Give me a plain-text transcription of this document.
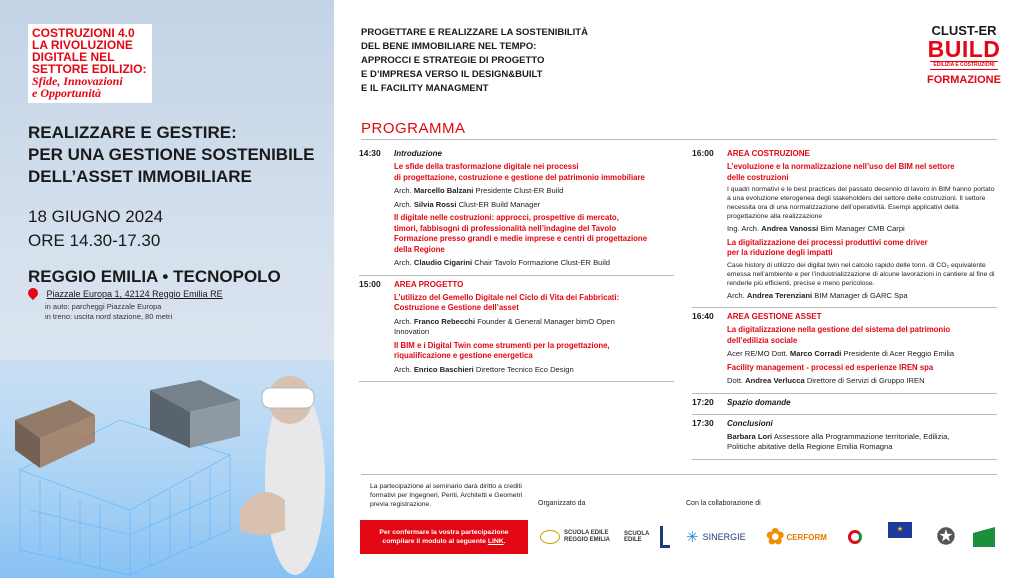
COSTRUZIONI 4.0
LA RIVOLUZIONE
DIGITALE NEL
SETTORE EDILIZIO:
Sfide, Innovazioni
e Opportunità
REALIZZARE E GESTIRE:
PER UNA GESTIONE SOSTENIBILE
DELL’ASSET IMMOBILIARE
18 GIUGNO 2024
ORE 14.30-17.30
REGGIO EMILIA • TECNOPOLO
Piazzale Europa 1, 42124 Reggio Emilia RE
in auto: parcheggi Piazzale Europa
in treno: uscita nord stazione, 80 metri
PROGETTARE E REALIZZARE LA SOSTENIBILITÀ
DEL BENE IMMOBILIARE NEL TEMPO:
APPROCCI E STRATEGIE DI PROGETTO
E D’IMPRESA VERSO IL DESIGN&BUILT
E IL FACILITY MANAGMENT
CLUST-ER
BUILD
EDILIZIA E COSTRUZIONI
FORMAZIONE
PROGRAMMA
14:30 Introduzione
Le sfide della trasformazione digitale nei processi
di progettazione, costruzione e gestione del patrimonio immobiliare
Arch. Marcello Balzani Presidente Clust-ER Build
Arch. Silvia Rossi Clust-ER Build Manager
Il digitale nelle costruzioni: approcci, prospettive di mercato,
timori, fabbisogni di professionalità nell’indagine del Tavolo
Formazione presso grandi e medie imprese e centri di progettazione
della Regione
Arch. Claudio Cigarini Chair Tavolo Formazione Clust-ER Build
15:00 AREA PROGETTO
L’utilizzo del Gemello Digitale nel Ciclo di Vita dei Fabbricati:
Costruzione e Gestione dell’asset
Arch. Franco Rebecchi Founder & General Manager bimO Open
Innovation
Il BIM e i Digital Twin come strumenti per la progettazione,
riqualificazione e gestione energetica
Arch. Enrico Baschieri Direttore Tecnico Eco Design
16:00 AREA COSTRUZIONE
L’evoluzione e la normalizzazione nell’uso del BIM nel settore
delle costruzioni
I quadri normativi e le best practices del passato decennio di lavoro in BIM hanno portato a una evoluzione eterogenea degli stakeholders del settore delle costruzioni. Il settore necessita ora di una normalizzazione dell’operatività. Esempi applicativi della progettazione alla realizzazione
Ing. Arch. Andrea Vanossi Bim Manager CMB Carpi
La digitalizzazione dei processi produttivi come driver
per la riduzione degli impatti
Case history di utilizzo dei digital twin nel calcolo rapido delle tonn. di CO₂ equivalente emessa nell’ambiente e per l’industrializzazione di alcune lavorazioni in cantiere al fine di renderle più efficienti, precise e meno pericolose.
Arch. Andrea Terenziani BIM Manager di GARC Spa
16:40 AREA GESTIONE ASSET
La digitalizzazione nella gestione del sistema del patrimonio
dell’edilizia sociale
Acer RE/MO Dott. Marco Corradi Presidente di Acer Reggio Emilia
Facility management - processi ed esperienze IREN spa
Dott. Andrea Verlucca Direttore di Servizi di Gruppo IREN
17:20 Spazio domande
17:30 Conclusioni
Barbara Lori Assessore alla Programmazione territoriale, Edilizia,
Politiche abitative della Regione Emilia Romagna
La partecipazione al seminario darà diritto a crediti formativi per Ingegneri, Periti, Architetti e Geometri previa registrazione.
Per confermare la vostra partecipazione
compilare il modulo al seguente LINK.
Organizzato da	Con la collaborazione di
SCUOLA EDILE REGGIO EMILIA
SCUOLA EDILE	✳ SINERGIE ✿ CERFORM
★	✪
